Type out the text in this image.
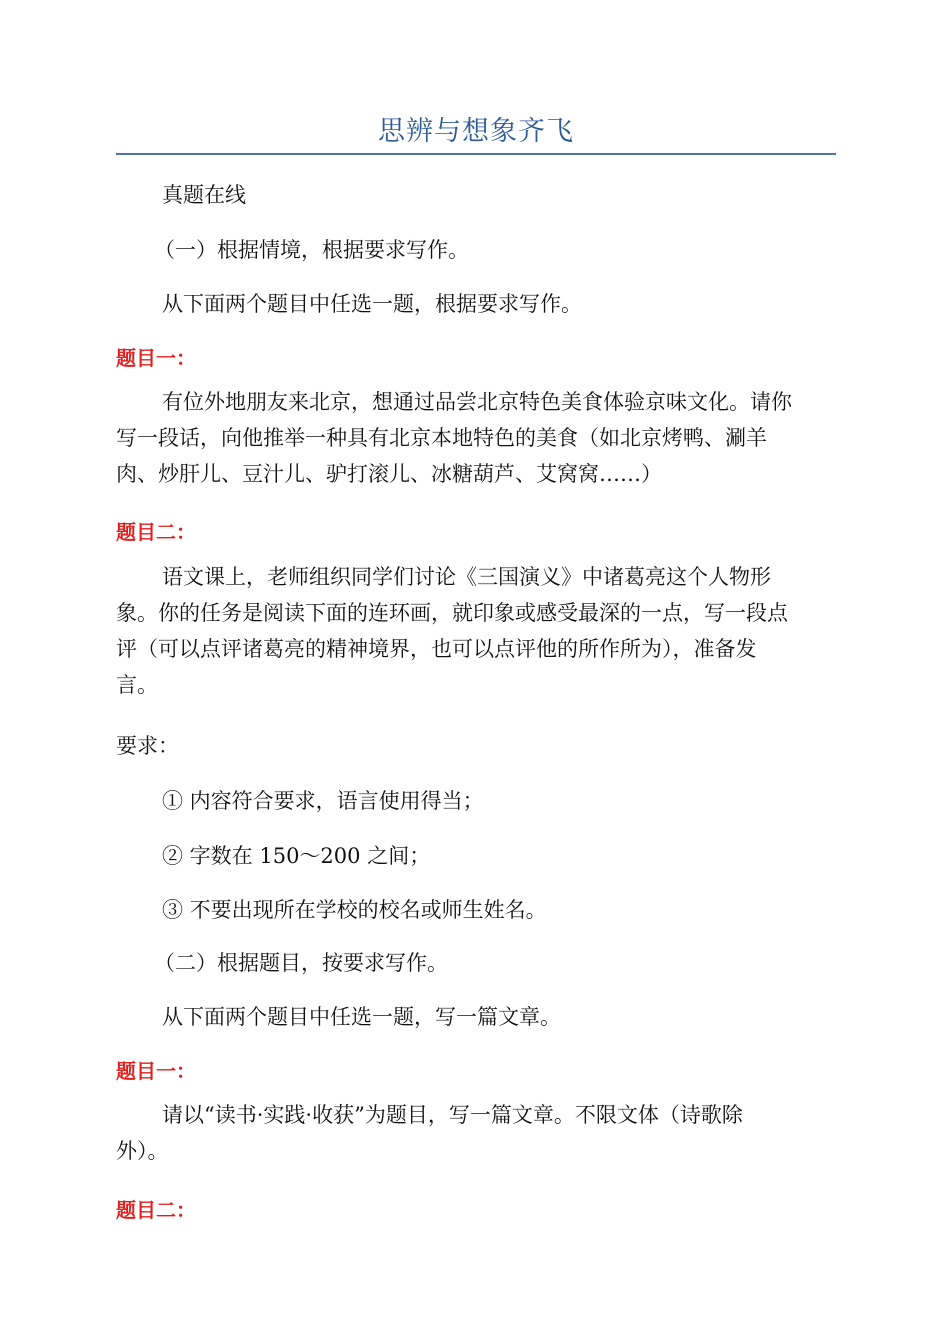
思辨与想象齐飞
真题在线
（一）根据情境，根据要求写作。
从下面两个题目中任选一题，根据要求写作。
题目一：
有位外地朋友来北京，想通过品尝北京特色美食体验京味文化。请你
写一段话，向他推举一种具有北京本地特色的美食（如北京烤鸭、涮羊
肉、炒肝儿、豆汁儿、驴打滚儿、冰糖葫芦、艾窝窝……）
题目二：
语文课上，老师组织同学们讨论《三国演义》中诸葛亮这个人物形
象。你的任务是阅读下面的连环画，就印象或感受最深的一点，写一段点
评（可以点评诸葛亮的精神境界，也可以点评他的所作所为），准备发
言。
要求：
① 内容符合要求，语言使用得当；
② 字数在 150～200 之间；
③ 不要出现所在学校的校名或师生姓名。
（二）根据题目，按要求写作。
从下面两个题目中任选一题，写一篇文章。
题目一：
请以“读书·实践·收获”为题目，写一篇文章。不限文体（诗歌除
外）。
题目二：
